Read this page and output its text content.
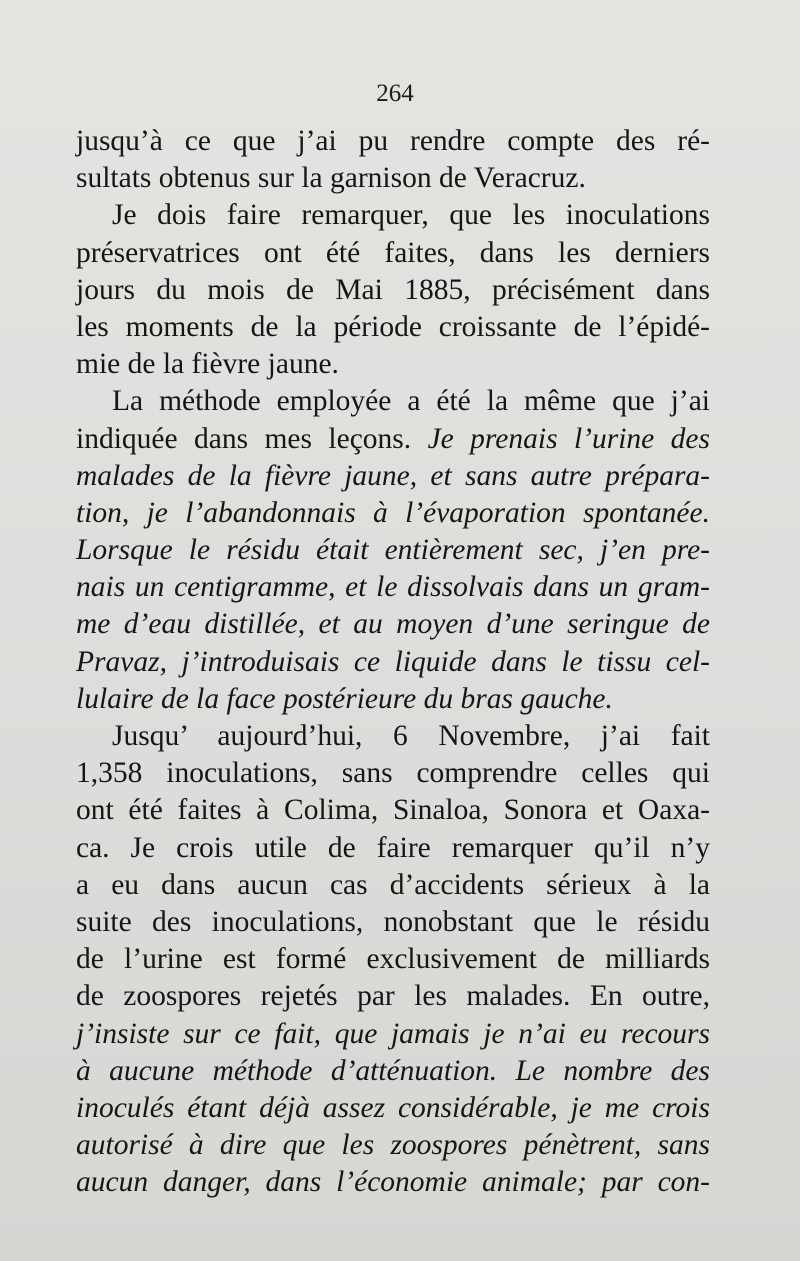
264

jusqu’à ce que j’ai pu rendre compte des ré-
sultats obtenus sur la garnison de Veracruz.
Je dois faire remarquer, que les inoculations
préservatrices ont été faites, dans les derniers
jours du mois de Mai 1885, précisément dans
les moments de la période croissante de l’épidé-
mie de la fièvre jaune.
La méthode employée a été la même que j’ai
indiquée dans mes leçons. Je prenais l’urine des
malades de la fièvre jaune, et sans autre prépara-
tion, je l’abandonnais à l’évaporation spontanée.
Lorsque le résidu était entièrement sec, j’en pre-
nais un centigramme, et le dissolvais dans un gram-
me d’eau distillée, et au moyen d’une seringue de
Pravaz, j’introduisais ce liquide dans le tissu cel-
lulaire de la face postérieure du bras gauche.
Jusqu’ aujourd’hui, 6 Novembre, j’ai fait
1,358 inoculations, sans comprendre celles qui
ont été faites à Colima, Sinaloa, Sonora et Oaxa-
ca. Je crois utile de faire remarquer qu’il n’y
a eu dans aucun cas d’accidents sérieux à la
suite des inoculations, nonobstant que le résidu
de l’urine est formé exclusivement de milliards
de zoospores rejetés par les malades. En outre,
j’insiste sur ce fait, que jamais je n’ai eu recours
à aucune méthode d’atténuation. Le nombre des
inoculés étant déjà assez considérable, je me crois
autorisé à dire que les zoospores pénètrent, sans
aucun danger, dans l’économie animale; par con-
